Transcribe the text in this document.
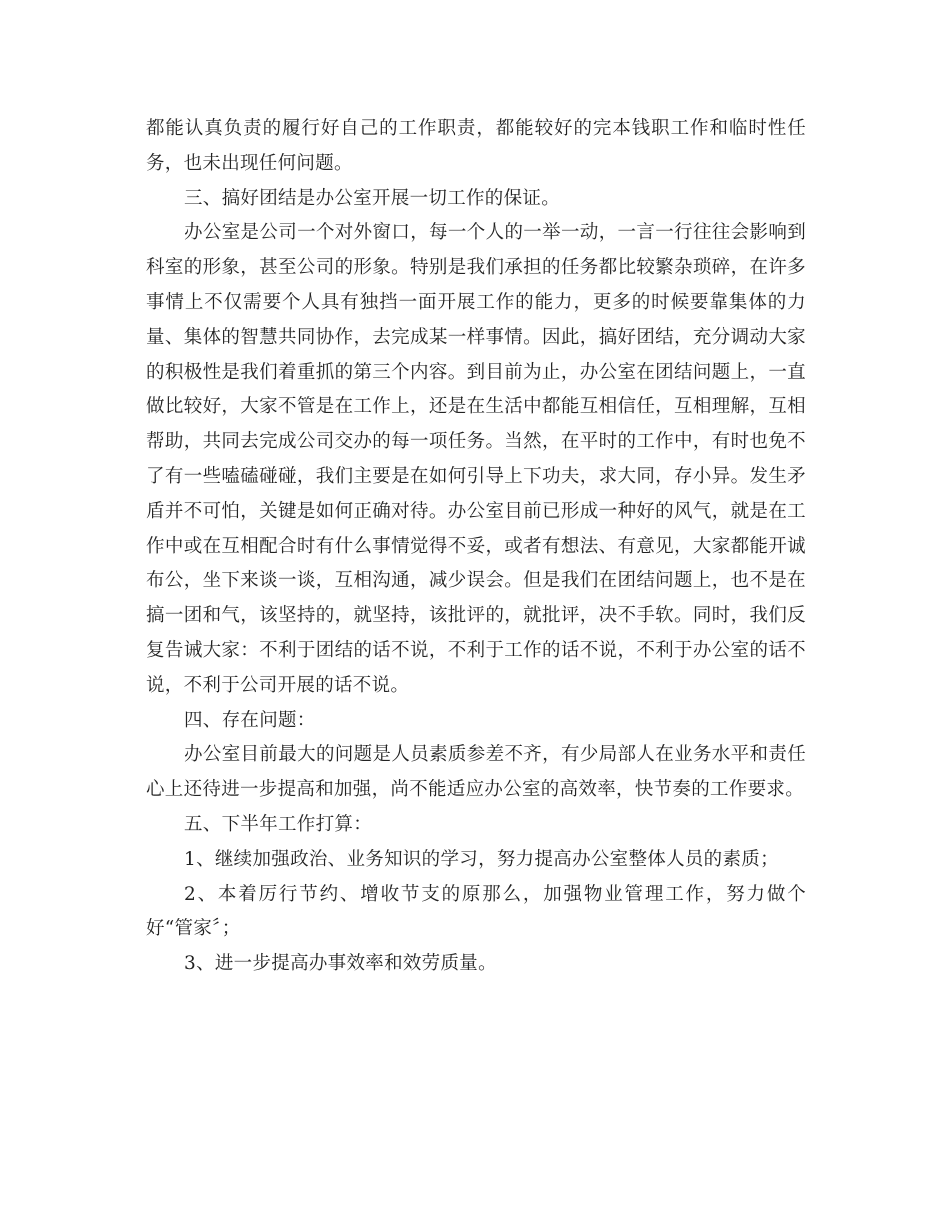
都能认真负责的履行好自己的工作职责，都能较好的完本钱职工作和临时性任务，也未出现任何问题。

三、搞好团结是办公室开展一切工作的保证。

办公室是公司一个对外窗口，每一个人的一举一动，一言一行往往会影响到科室的形象，甚至公司的形象。特别是我们承担的任务都比较繁杂琐碎，在许多事情上不仅需要个人具有独挡一面开展工作的能力，更多的时候要靠集体的力量、集体的智慧共同协作，去完成某一样事情。因此，搞好团结，充分调动大家的积极性是我们着重抓的第三个内容。到目前为止，办公室在团结问题上，一直做比较好，大家不管是在工作上，还是在生活中都能互相信任，互相理解，互相帮助，共同去完成公司交办的每一项任务。当然，在平时的工作中，有时也免不了有一些嗑磕碰碰，我们主要是在如何引导上下功夫，求大同，存小异。发生矛盾并不可怕，关键是如何正确对待。办公室目前已形成一种好的风气，就是在工作中或在互相配合时有什么事情觉得不妥，或者有想法、有意见，大家都能开诚布公，坐下来谈一谈，互相沟通，减少误会。但是我们在团结问题上，也不是在搞一团和气，该坚持的，就坚持，该批评的，就批评，决不手软。同时，我们反复告诫大家：不利于团结的话不说，不利于工作的话不说，不利于办公室的话不说，不利于公司开展的话不说。

四、存在问题：

办公室目前最大的问题是人员素质参差不齐，有少局部人在业务水平和责任心上还待进一步提高和加强，尚不能适应办公室的高效率，快节奏的工作要求。

五、下半年工作打算：

1、继续加强政治、业务知识的学习，努力提高办公室整体人员的素质；

2、本着厉行节约、增收节支的原那么，加强物业管理工作，努力做个好“管家〞；

3、进一步提高办事效率和效劳质量。
